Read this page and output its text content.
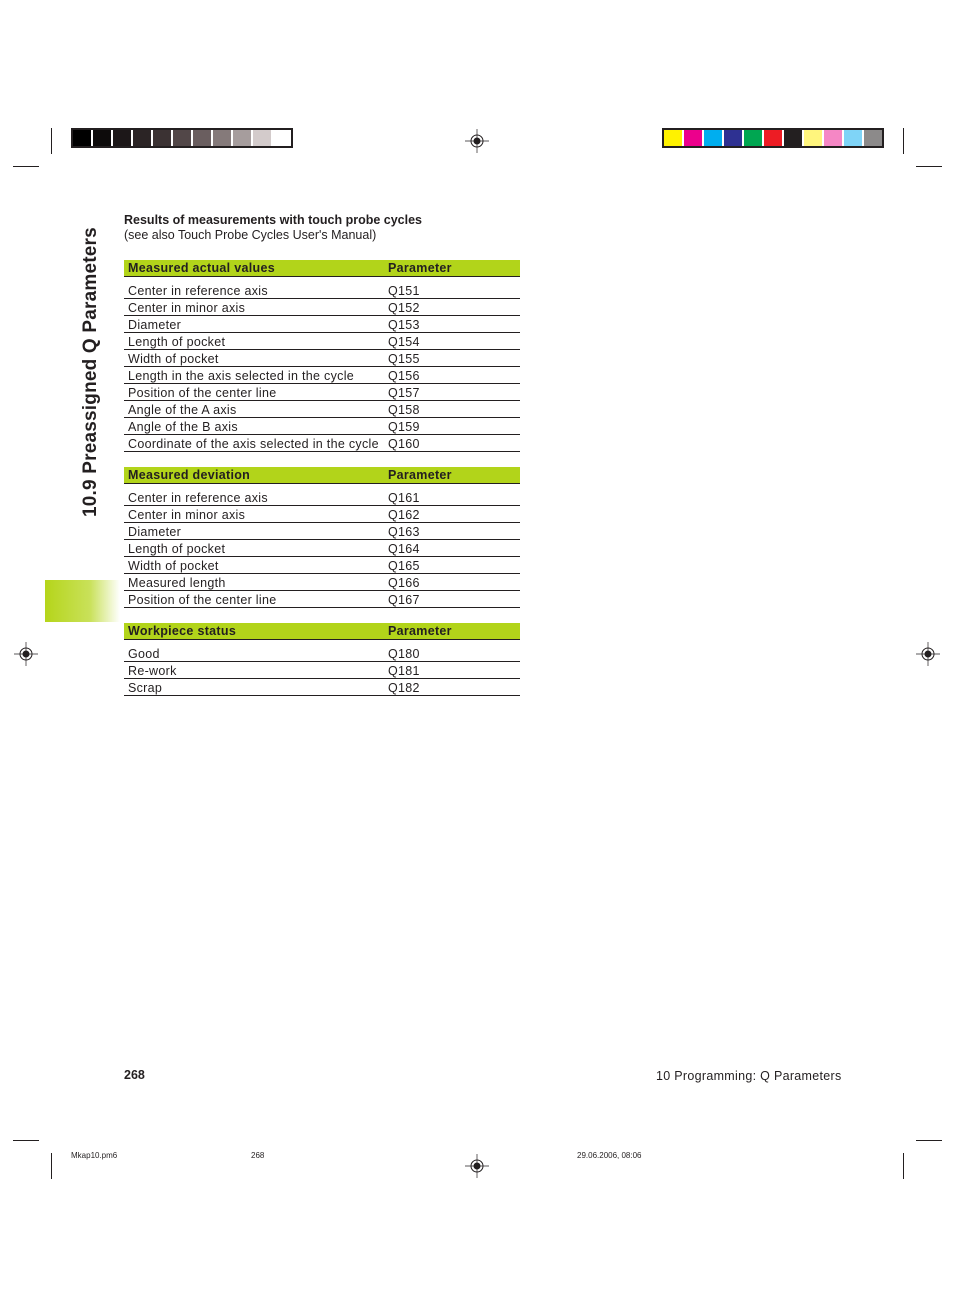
10.9 Preassigned Q Parameters
Results of measurements with touch probe cycles
(see also Touch Probe Cycles User's Manual)
Measured actual values	Parameter
Center in reference axis	Q151
Center in minor axis	Q152
Diameter	Q153
Length of pocket	Q154
Width of pocket	Q155
Length in the axis selected in the cycle	Q156
Position of the center line	Q157
Angle of the A axis	Q158
Angle of the B axis	Q159
Coordinate of the axis selected in the cycle Q160
Measured deviation	Parameter
Center in reference axis	Q161
Center in minor axis	Q162
Diameter	Q163
Length of pocket	Q164
Width of pocket	Q165
Measured length	Q166
Position of the center line	Q167
Workpiece status	Parameter
Good	Q180
Re-work	Q181
Scrap	Q182
268	10 Programming: Q Parameters
Mkap10.pm6	268	29.06.2006, 08:06
